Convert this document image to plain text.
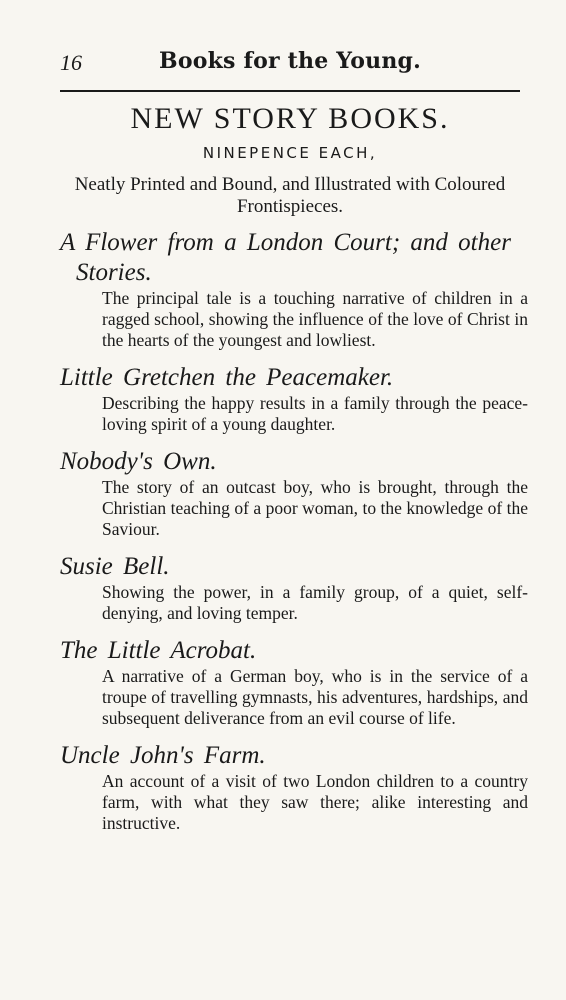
16	Books for the Young.
NEW STORY BOOKS.
NINEPENCE EACH,
Neatly Printed and Bound, and Illustrated with Coloured Frontispieces.
A Flower from a London Court; and other Stories.
The principal tale is a touching narrative of children in a ragged school, showing the influence of the love of Christ in the hearts of the youngest and lowliest.
Little Gretchen the Peacemaker.
Describing the happy results in a family through the peace-loving spirit of a young daughter.
Nobody's Own.
The story of an outcast boy, who is brought, through the Christian teaching of a poor woman, to the knowledge of the Saviour.
Susie Bell.
Showing the power, in a family group, of a quiet, self-denying, and loving temper.
The Little Acrobat.
A narrative of a German boy, who is in the service of a troupe of travelling gymnasts, his adventures, hardships, and subsequent deliverance from an evil course of life.
Uncle John's Farm.
An account of a visit of two London children to a country farm, with what they saw there; alike interesting and instructive.
